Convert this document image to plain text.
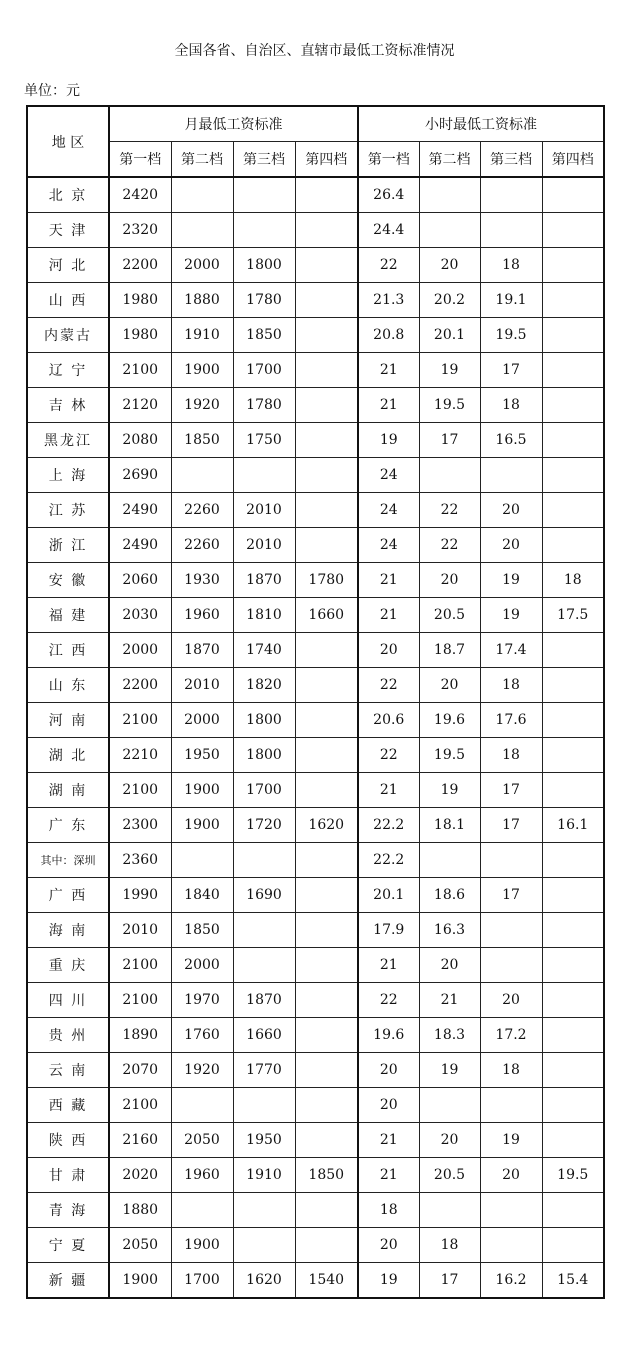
全国各省、自治区、直辖市最低工资标准情况
单位：元
地 区	月最低工资标准				小时最低工资标准			
	第一档	第二档	第三档	第四档	第一档	第二档	第三档	第四档
北 京	2420				26.4			
天 津	2320				24.4			
河 北	2200	2000	1800		22	20	18	
山 西	1980	1880	1780		21.3	20.2	19.1	
内蒙古	1980	1910	1850		20.8	20.1	19.5	
辽 宁	2100	1900	1700		21	19	17	
吉 林	2120	1920	1780		21	19.5	18	
黑龙江	2080	1850	1750		19	17	16.5	
上 海	2690				24			
江 苏	2490	2260	2010		24	22	20	
浙 江	2490	2260	2010		24	22	20	
安 徽	2060	1930	1870	1780	21	20	19	18
福 建	2030	1960	1810	1660	21	20.5	19	17.5
江 西	2000	1870	1740		20	18.7	17.4	
山 东	2200	2010	1820		22	20	18	
河 南	2100	2000	1800		20.6	19.6	17.6	
湖 北	2210	1950	1800		22	19.5	18	
湖 南	2100	1900	1700		21	19	17	
广 东	2300	1900	1720	1620	22.2	18.1	17	16.1
其中：深圳	2360				22.2			
广 西	1990	1840	1690		20.1	18.6	17	
海 南	2010	1850			17.9	16.3		
重 庆	2100	2000			21	20		
四 川	2100	1970	1870		22	21	20	
贵 州	1890	1760	1660		19.6	18.3	17.2	
云 南	2070	1920	1770		20	19	18	
西 藏	2100				20			
陕 西	2160	2050	1950		21	20	19	
甘 肃	2020	1960	1910	1850	21	20.5	20	19.5
青 海	1880				18			
宁 夏	2050	1900			20	18		
新 疆	1900	1700	1620	1540	19	17	16.2	15.4
